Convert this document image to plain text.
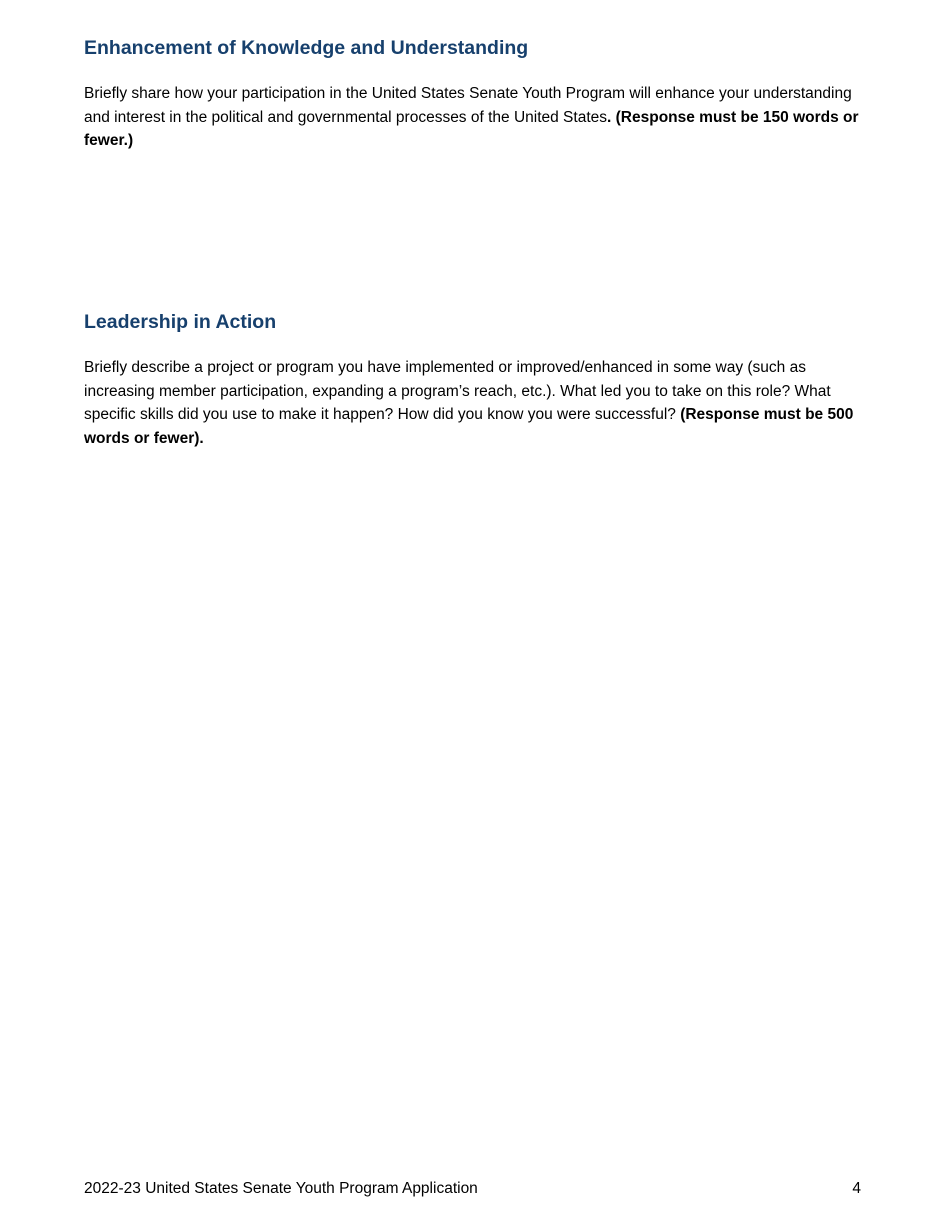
Enhancement of Knowledge and Understanding

Briefly share how your participation in the United States Senate Youth Program will enhance your understanding and interest in the political and governmental processes of the United States. (Response must be 150 words or fewer.)

Leadership in Action

Briefly describe a project or program you have implemented or improved/enhanced in some way (such as increasing member participation, expanding a program’s reach, etc.). What led you to take on this role? What specific skills did you use to make it happen? How did you know you were successful? (Response must be 500 words or fewer).

2022-23 United States Senate Youth Program Application	4
